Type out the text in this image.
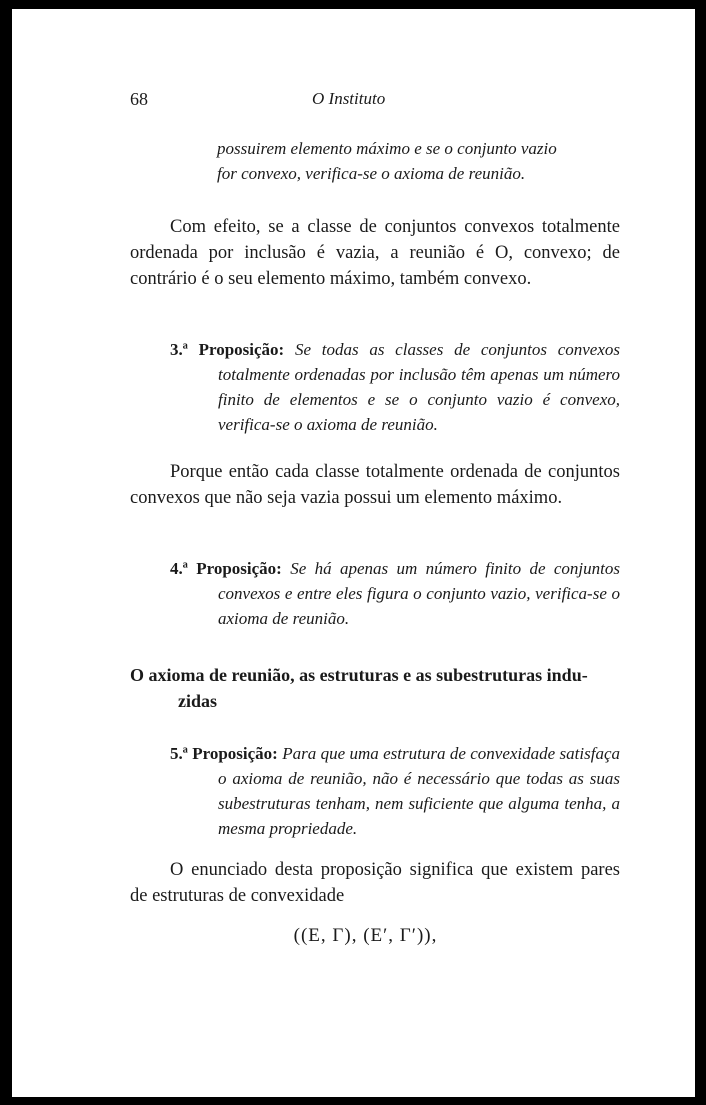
68	O Instituto
possuirem elemento máximo e se o conjunto vazio
for convexo, verifica-se o axioma de reunião.
Com efeito, se a classe de conjuntos convexos totalmente ordenada por inclusão é vazia, a reunião é O, convexo; de contrário é o seu elemento máximo, também convexo.
3.ª Proposição: Se todas as classes de conjuntos convexos totalmente ordenadas por inclusão têm apenas um número finito de elementos e se o conjunto vazio é convexo, verifica-se o axioma de reunião.
Porque então cada classe totalmente ordenada de conjuntos convexos que não seja vazia possui um elemento máximo.
4.ª Proposição: Se há apenas um número finito de conjuntos convexos e entre eles figura o conjunto vazio, verifica-se o axioma de reunião.
O axioma de reunião, as estruturas e as subestruturas indu-
zidas
5.ª Proposição: Para que uma estrutura de convexidade satisfaça o axioma de reunião, não é necessário que todas as suas subestruturas tenham, nem suficiente que alguma tenha, a mesma propriedade.
O enunciado desta proposição significa que existem pares de estruturas de convexidade
((E, Γ), (E′, Γ′)),
